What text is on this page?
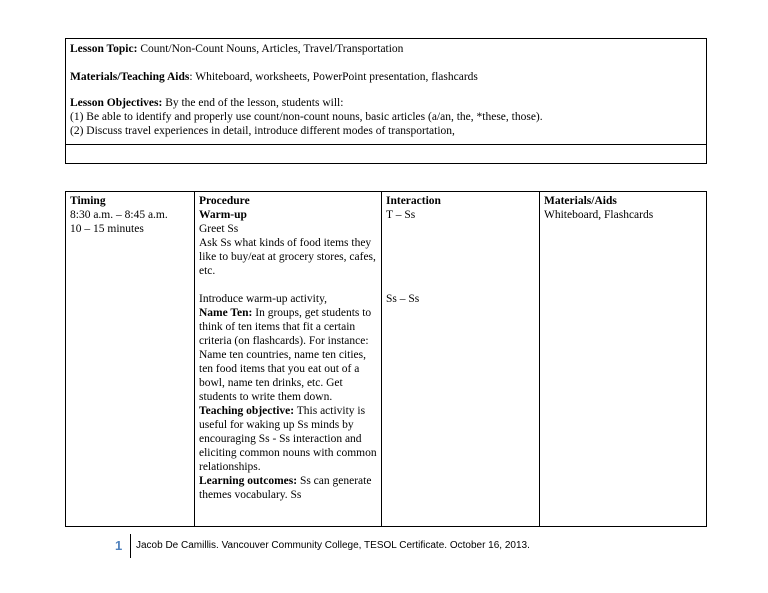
Lesson Topic: Count/Non-Count Nouns, Articles, Travel/Transportation

Materials/Teaching Aids: Whiteboard, worksheets, PowerPoint presentation, flashcards

Lesson Objectives: By the end of the lesson, students will:

(1) Be able to identify and properly use count/non-count nouns, basic articles (a/an, the, *these, those).

(2) Discuss travel experiences in detail, introduce different modes of transportation,

Timing

8:30 a.m. – 8:45 a.m.

10 – 15 minutes

Procedure

Warm-up

Greet Ss

Ask Ss what kinds of food items they like to buy/eat at grocery stores, cafes, etc.

Introduce warm-up activity,

Name Ten: In groups, get students to think of ten items that fit a certain criteria (on flashcards). For instance: Name ten countries, name ten cities, ten food items that you eat out of a bowl, name ten drinks, etc. Get students to write them down.

Teaching objective: This activity is useful for waking up Ss minds by encouraging Ss - Ss interaction and eliciting common nouns with common relationships.

Learning outcomes: Ss can generate themes vocabulary. Ss

Interaction

T – Ss

Ss – Ss

Materials/Aids

Whiteboard, Flashcards

1 Jacob De Camillis. Vancouver Community College, TESOL Certificate. October 16, 2013.
